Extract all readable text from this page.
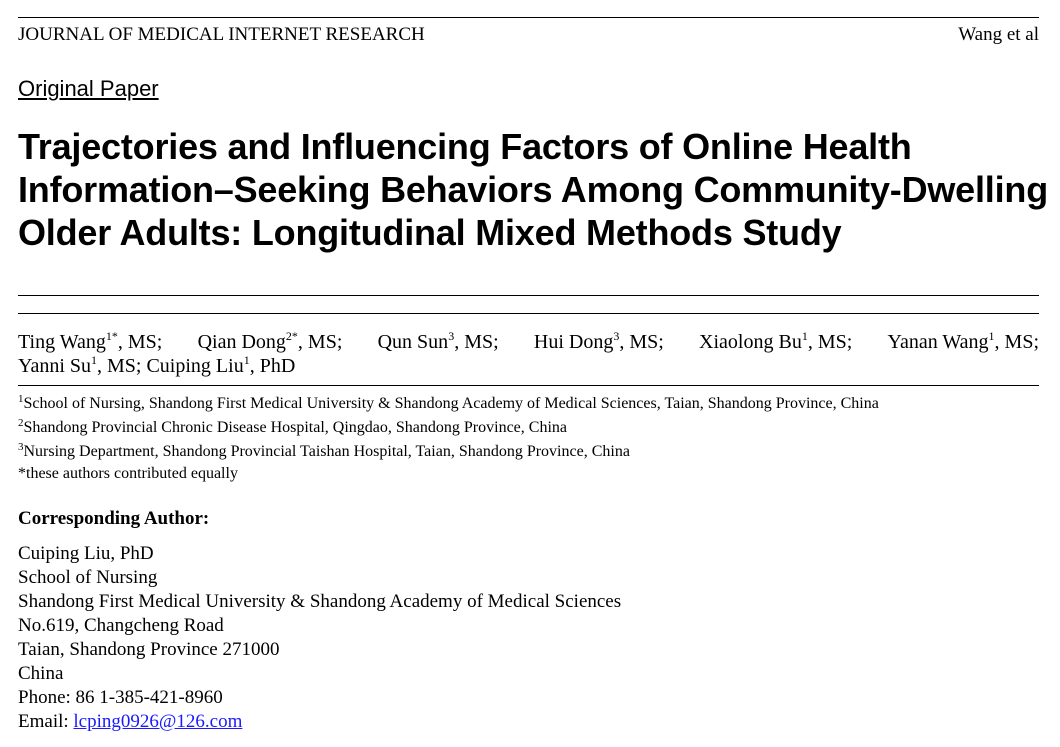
JOURNAL OF MEDICAL INTERNET RESEARCH	Wang et al
Original Paper
Trajectories and Influencing Factors of Online Health
Information–Seeking Behaviors Among Community-Dwelling
Older Adults: Longitudinal Mixed Methods Study
Ting Wang$^{1*}$, MS; Qian Dong$^{2*}$, MS; Qun Sun$^3$, MS; Hui Dong$^3$, MS; Xiaolong Bu$^1$, MS; Yanan Wang$^1$, MS;
Yanni Su$^1$, MS; Cuiping Liu$^1$, PhD
$^1$School of Nursing, Shandong First Medical University & Shandong Academy of Medical Sciences, Taian, Shandong Province, China
$^2$Shandong Provincial Chronic Disease Hospital, Qingdao, Shandong Province, China
$^3$Nursing Department, Shandong Provincial Taishan Hospital, Taian, Shandong Province, China
*these authors contributed equally
Corresponding Author:
Cuiping Liu, PhD
School of Nursing
Shandong First Medical University & Shandong Academy of Medical Sciences
No.619, Changcheng Road
Taian, Shandong Province 271000
China
Phone: 86 1-385-421-8960
Email: lcping0926@126.com
